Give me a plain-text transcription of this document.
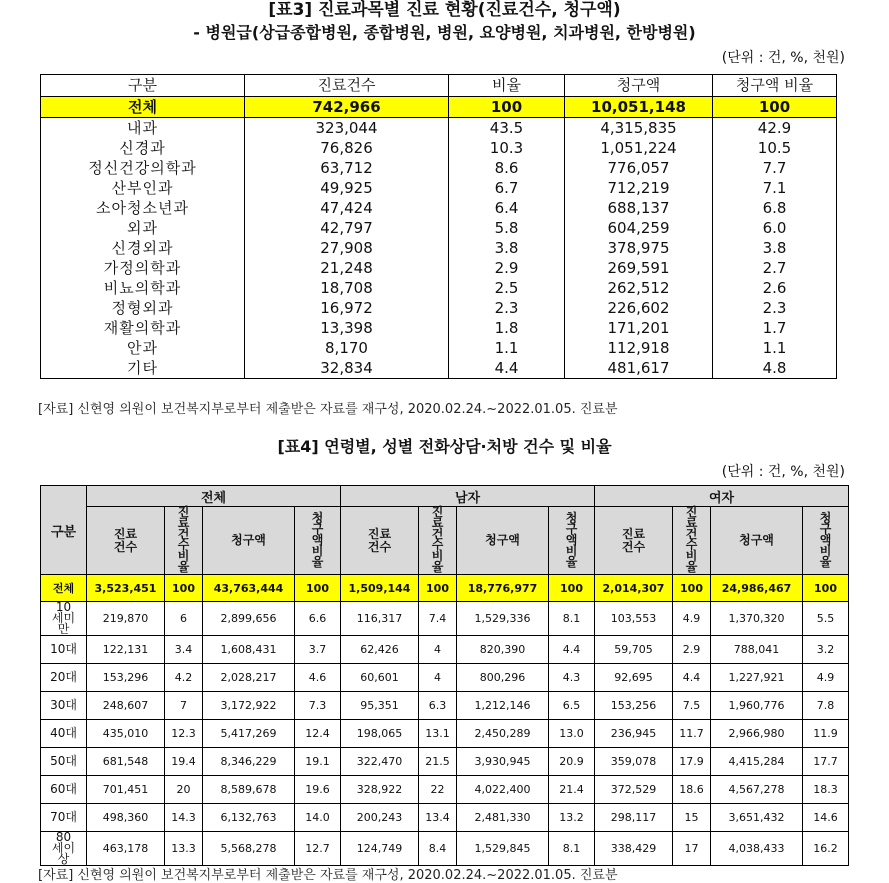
[표3] 진료과목별 진료 현황(진료건수, 청구액)
- 병원급(상급종합병원, 종합병원, 병원, 요양병원, 치과병원, 한방병원)
(단위 : 건, %, 천원)
구분	진료건수	비율	청구액	청구액 비율
전체	742,966	100	10,051,148	100
내과	323,044	43.5	4,315,835	42.9
신경과	76,826	10.3	1,051,224	10.5
정신건강의학과	63,712	8.6	776,057	7.7
산부인과	49,925	6.7	712,219	7.1
소아청소년과	47,424	6.4	688,137	6.8
외과	42,797	5.8	604,259	6.0
신경외과	27,908	3.8	378,975	3.8
가정의학과	21,248	2.9	269,591	2.7
비뇨의학과	18,708	2.5	262,512	2.6
정형외과	16,972	2.3	226,602	2.3
재활의학과	13,398	1.8	171,201	1.7
안과	8,170	1.1	112,918	1.1
기타	32,834	4.4	481,617	4.8
[자료] 신현영 의원이 보건복지부로부터 제출받은 자료를 재구성, 2020.02.24.~2022.01.05. 진료분
[표4] 연령별, 성별 전화상담·처방 건수 및 비율
(단위 : 건, %, 천원)
구분	전체				남자				여자			
	진료건수	진료건수비율	청구액	청구액비율	진료건수	진료건수비율	청구액	청구액비율	진료건수	진료건수비율	청구액	청구액비율
전체	3,523,451	100	43,763,444	100	1,509,144	100	18,776,977	100	2,014,307	100	24,986,467	100
10세미만	219,870	6	2,899,656	6.6	116,317	7.4	1,529,336	8.1	103,553	4.9	1,370,320	5.5
10대	122,131	3.4	1,608,431	3.7	62,426	4	820,390	4.4	59,705	2.9	788,041	3.2
20대	153,296	4.2	2,028,217	4.6	60,601	4	800,296	4.3	92,695	4.4	1,227,921	4.9
30대	248,607	7	3,172,922	7.3	95,351	6.3	1,212,146	6.5	153,256	7.5	1,960,776	7.8
40대	435,010	12.3	5,417,269	12.4	198,065	13.1	2,450,289	13.0	236,945	11.7	2,966,980	11.9
50대	681,548	19.4	8,346,229	19.1	322,470	21.5	3,930,945	20.9	359,078	17.9	4,415,284	17.7
60대	701,451	20	8,589,678	19.6	328,922	22	4,022,400	21.4	372,529	18.6	4,567,278	18.3
70대	498,360	14.3	6,132,763	14.0	200,243	13.4	2,481,330	13.2	298,117	15	3,651,432	14.6
80세이상	463,178	13.3	5,568,278	12.7	124,749	8.4	1,529,845	8.1	338,429	17	4,038,433	16.2
[자료] 신현영 의원이 보건복지부로부터 제출받은 자료를 재구성, 2020.02.24.~2022.01.05. 진료분
